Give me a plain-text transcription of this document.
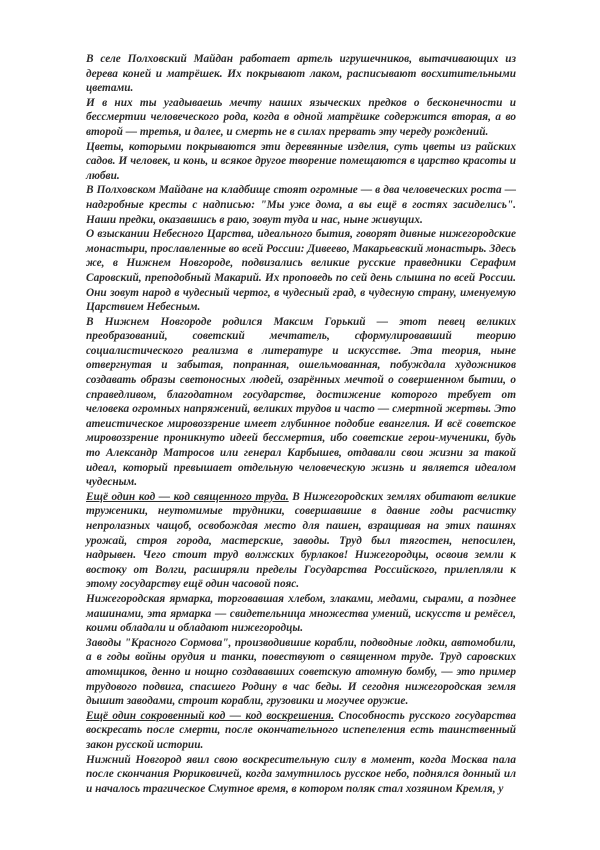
В селе Полховский Майдан работает артель игрушечников, вытачивающих из дерева коней и матрёшек. Их покрывают лаком, расписывают восхитительными цветами.

И в них ты угадываешь мечту наших языческих предков о бесконечности и бессмертии человеческого рода, когда в одной матрёшке содержится вторая, а во второй — третья, и далее, и смерть не в силах прервать эту череду рождений.

Цветы, которыми покрываются эти деревянные изделия, суть цветы из райских садов. И человек, и конь, и всякое другое творение помещаются в царство красоты и любви.

В Полховском Майдане на кладбище стоят огромные — в два человеческих роста — надгробные кресты с надписью: "Мы уже дома, а вы ещё в гостях засиделись". Наши предки, оказавшись в раю, зовут туда и нас, ныне живущих.

О взыскании Небесного Царства, идеального бытия, говорят дивные нижегородские монастыри, прославленные во всей России: Дивеево, Макарьевский монастырь. Здесь же, в Нижнем Новгороде, подвизались великие русские праведники Серафим Саровский, преподобный Макарий. Их проповедь по сей день слышна по всей России. Они зовут народ в чудесный чертог, в чудесный град, в чудесную страну, именуемую Царствием Небесным.

В Нижнем Новгороде родился Максим Горький — этот певец великих преобразований, советский мечтатель, сформулировавший теорию социалистического реализма в литературе и искусстве. Эта теория, ныне отвергнутая и забытая, попранная, ошельмованная, побуждала художников создавать образы светоносных людей, озарённых мечтой о совершенном бытии, о справедливом, благодатном государстве, достижение которого требует от человека огромных напряжений, великих трудов и часто — смертной жертвы. Это атеистическое мировоззрение имеет глубинное подобие евангелия. И всё советское мировоззрение проникнуто идеей бессмертия, ибо советские герои-мученики, будь то Александр Матросов или генерал Карбышев, отдавали свои жизни за такой идеал, который превышает отдельную человеческую жизнь и является идеалом чудесным.

Ещё один код — код священного труда. В Нижегородских землях обитают великие труженики, неутомимые трудники, совершавшие в давние годы расчистку непролазных чащоб, освобождая место для пашен, взращивая на этих пашнях урожай, строя города, мастерские, заводы. Труд был тягостен, непосилен, надрывен. Чего стоит труд волжских бурлаков! Нижегородцы, освоив земли к востоку от Волги, расширяли пределы Государства Российского, прилепляли к этому государству ещё один часовой пояс.

Нижегородская ярмарка, торговавшая хлебом, злаками, медами, сырами, а позднее машинами, эта ярмарка — свидетельница множества умений, искусств и ремёсел, коими обладали и обладают нижегородцы.

Заводы "Красного Сормова", производившие корабли, подводные лодки, автомобили, а в годы войны орудия и танки, повествуют о священном труде. Труд саровских атомщиков, денно и нощно создававших советскую атомную бомбу, — это пример трудового подвига, спасшего Родину в час беды. И сегодня нижегородская земля дышит заводами, строит корабли, грузовики и могучее оружие.

Ещё один сокровенный код — код воскрешения. Способность русского государства воскресать после смерти, после окончательного испепеления есть таинственный закон русской истории.

Нижний Новгород явил свою воскресительную силу в момент, когда Москва пала после скончания Рюриковичей, когда замутнилось русское небо, поднялся донный ил и началось трагическое Смутное время, в котором поляк стал хозяином Кремля, у
